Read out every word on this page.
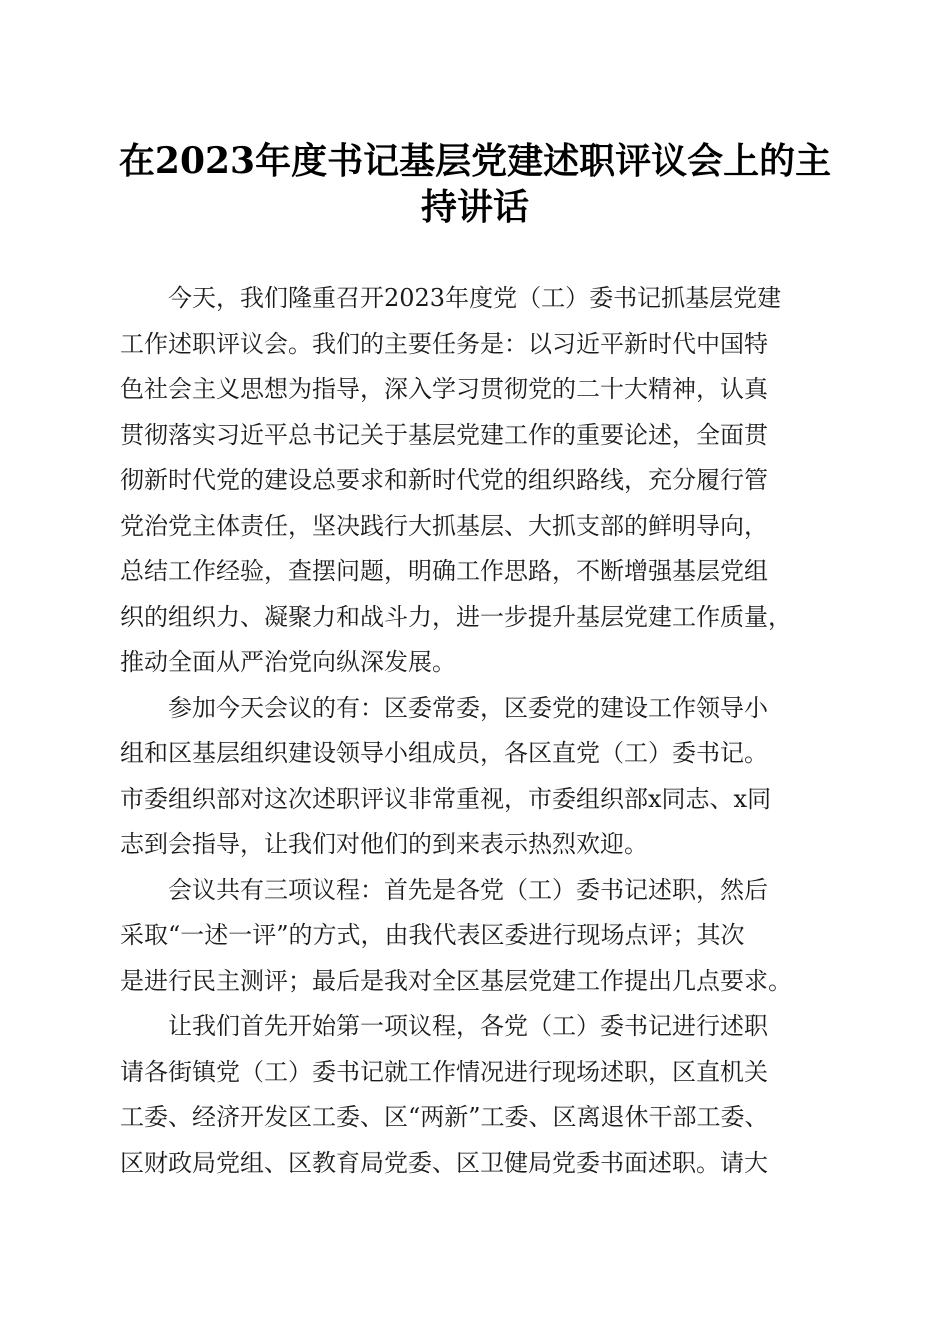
在2023年度书记基层党建述职评议会上的主
持讲话
今天，我们隆重召开2023年度党（工）委书记抓基层党建
工作述职评议会。我们的主要任务是：以习近平新时代中国特
色社会主义思想为指导，深入学习贯彻党的二十大精神，认真
贯彻落实习近平总书记关于基层党建工作的重要论述，全面贯
彻新时代党的建设总要求和新时代党的组织路线，充分履行管
党治党主体责任，坚决践行大抓基层、大抓支部的鲜明导向，
总结工作经验，查摆问题，明确工作思路，不断增强基层党组
织的组织力、凝聚力和战斗力，进一步提升基层党建工作质量，
推动全面从严治党向纵深发展。
参加今天会议的有：区委常委，区委党的建设工作领导小
组和区基层组织建设领导小组成员，各区直党（工）委书记。
市委组织部对这次述职评议非常重视，市委组织部x同志、x同
志到会指导，让我们对他们的到来表示热烈欢迎。
会议共有三项议程：首先是各党（工）委书记述职，然后
采取“一述一评”的方式，由我代表区委进行现场点评；其次
是进行民主测评；最后是我对全区基层党建工作提出几点要求。
让我们首先开始第一项议程，各党（工）委书记进行述职
请各街镇党（工）委书记就工作情况进行现场述职，区直机关
工委、经济开发区工委、区“两新”工委、区离退休干部工委、
区财政局党组、区教育局党委、区卫健局党委书面述职。请大
